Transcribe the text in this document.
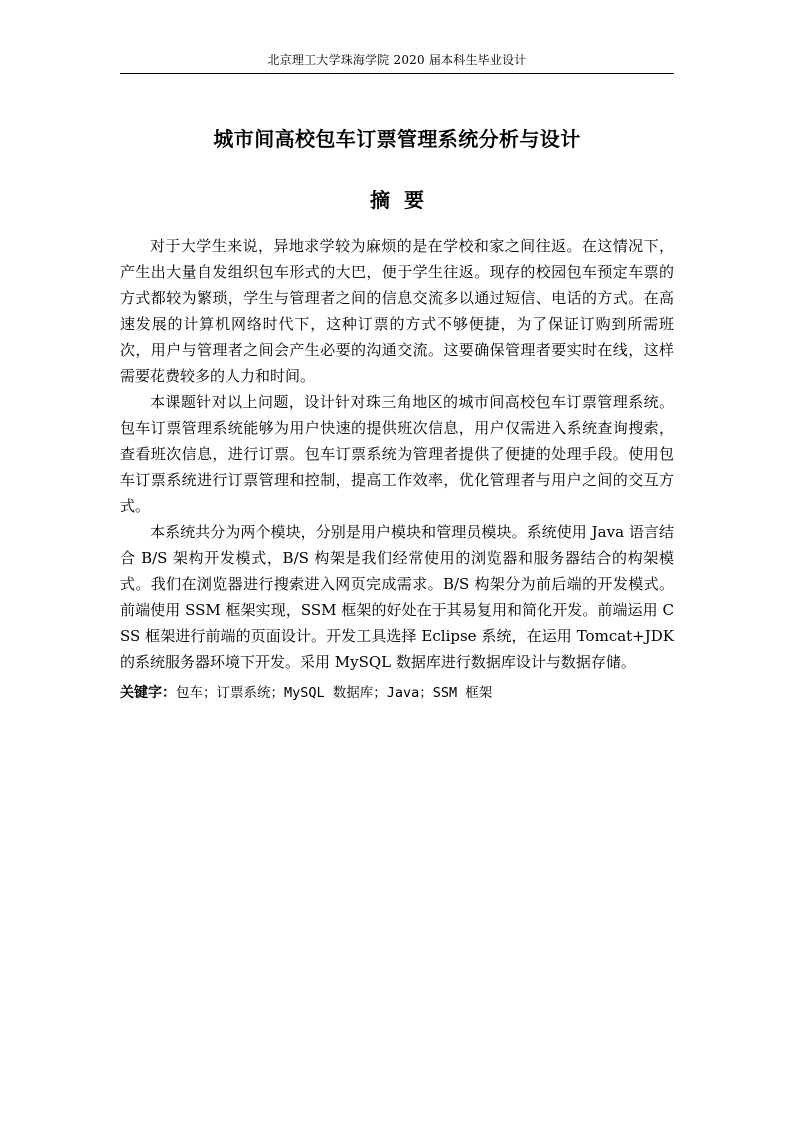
北京理工大学珠海学院 2020 届本科生毕业设计
城市间高校包车订票管理系统分析与设计
摘  要

对于大学生来说，异地求学较为麻烦的是在学校和家之间往返。在这情况下，产生出大量自发组织包车形式的大巴，便于学生往返。现存的校园包车预定车票的方式都较为繁琐，学生与管理者之间的信息交流多以通过短信、电话的方式。在高速发展的计算机网络时代下，这种订票的方式不够便捷，为了保证订购到所需班次，用户与管理者之间会产生必要的沟通交流。这要确保管理者要实时在线，这样需要花费较多的人力和时间。

本课题针对以上问题，设计针对珠三角地区的城市间高校包车订票管理系统。包车订票管理系统能够为用户快速的提供班次信息，用户仅需进入系统查询搜索，查看班次信息，进行订票。包车订票系统为管理者提供了便捷的处理手段。使用包车订票系统进行订票管理和控制，提高工作效率，优化管理者与用户之间的交互方式。

本系统共分为两个模块，分别是用户模块和管理员模块。系统使用 Java 语言结合 B/S 架构开发模式，B/S 构架是我们经常使用的浏览器和服务器结合的构架模式。我们在浏览器进行搜索进入网页完成需求。B/S 构架分为前后端的开发模式。前端使用 SSM 框架实现，SSM 框架的好处在于其易复用和简化开发。前端运用 CSS 框架进行前端的页面设计。开发工具选择 Eclipse 系统，在运用 Tomcat+JDK 的系统服务器环境下开发。采用 MySQL 数据库进行数据库设计与数据存储。

关键字：包车；订票系统；MySQL 数据库；Java；SSM 框架
